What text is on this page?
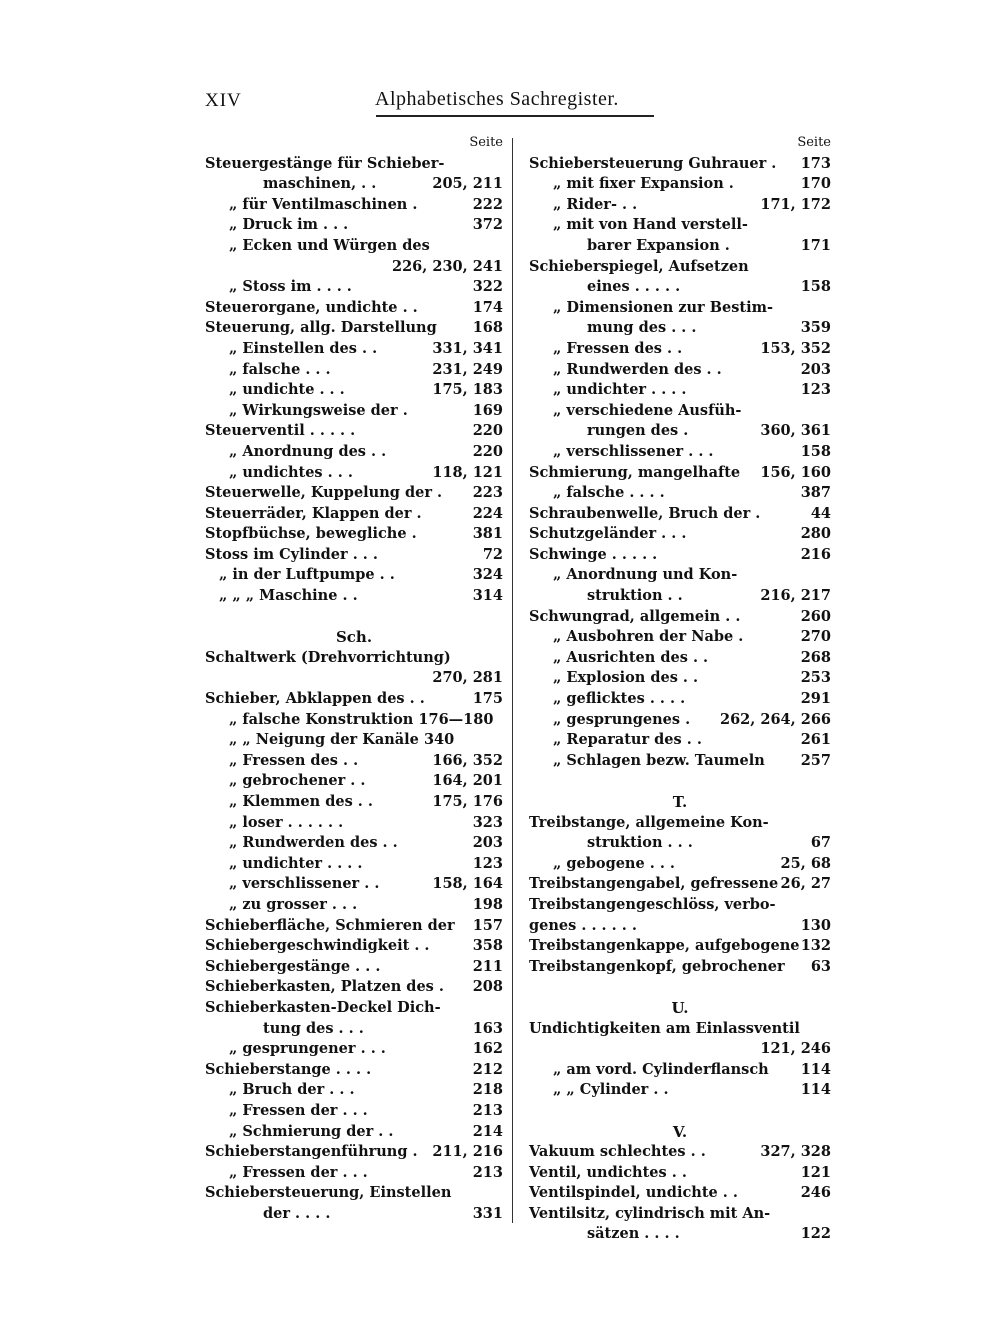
XIV	Alphabetisches Sachregister.
Seite
Steuergestänge für Schieber-
maschinen, . .	205, 211
„ für Ventilmaschinen .	222
„ Druck im . . .	372
„ Ecken und Würgen des
226, 230, 241
„ Stoss im . . . .	322
Steuerorgane, undichte . .	174
Steuerung, allg. Darstellung 168
„ Einstellen des . .	331, 341
„ falsche . . .	231, 249
„ undichte . . .	175, 183
„ Wirkungsweise der .	169
Steuerventil . . . . .	220
„ Anordnung des . .	220
„ undichtes . . .	118, 121
Steuerwelle, Kuppelung der . 223
Steuerräder, Klappen der .	224
Stopfbüchse, bewegliche .	381
Stoss im Cylinder . . .	72
„ in der Luftpumpe . .	324
„ „ „ Maschine . .	314
Sch.
Schaltwerk (Drehvorrichtung)
270, 281
Schieber, Abklappen des . .	175
„ falsche Konstruktion 176—180
„ „ Neigung der Kanäle 340
„ Fressen des . .	166, 352
„ gebrochener . .	164, 201
„ Klemmen des . .	175, 176
„ loser . . . . . .	323
„ Rundwerden des . .	203
„ undichter . . . .	123
„ verschlissener . .	158, 164
„ zu grosser . . .	198
Schieberfläche, Schmieren der 157
Schiebergeschwindigkeit . .	358
Schiebergestänge . . .	211
Schieberkasten, Platzen des . 208
Schieberkasten-Deckel Dich-
tung des . . .	163
„ gesprungener . . .	162
Schieberstange . . . .	212
„ Bruch der . . .	218
„ Fressen der . . .	213
„ Schmierung der . .	214
Schieberstangenführung . 211, 216
„ Fressen der . . .	213
Schiebersteuerung, Einstellen
der . . . .	331
Seite
Schiebersteuerung Guhrauer . 173
„ mit fixer Expansion .	170
„ Rider- . .	171, 172
„ mit von Hand verstell-
barer Expansion .	171
Schieberspiegel, Aufsetzen
eines . . . . .	158
„ Dimensionen zur Bestim-
mung des . . .	359
„ Fressen des . .	153, 352
„ Rundwerden des . .	203
„ undichter . . . .	123
„ verschiedene Ausfüh-
rungen des .	360, 361
„ verschlissener . . .	158
Schmierung, mangelhafte 156, 160
„ falsche . . . .	387
Schraubenwelle, Bruch der .	44
Schutzgeländer . . .	280
Schwinge . . . . .	216
„ Anordnung und Kon-
struktion . .	216, 217
Schwungrad, allgemein . .	260
„ Ausbohren der Nabe .	270
„ Ausrichten des . .	268
„ Explosion des . .	253
„ geflicktes . . . .	291
„ gesprungenes . 262, 264, 266
„ Reparatur des . .	261
„ Schlagen bezw. Taumeln 257
T.
Treibstange, allgemeine Kon-
struktion . . .	67
„ gebogene . . .	25, 68
Treibstangengabel, gefressene 26, 27
Treibstangengeschlöss, verbo-
genes . . . . . .	130
Treibstangenkappe, aufgebogene 132
Treibstangenkopf, gebrochener 63
U.
Undichtigkeiten am Einlassventil
121, 246
„ am vord. Cylinderflansch 114
„ „ Cylinder . .	114
V.
Vakuum schlechtes . .	327, 328
Ventil, undichtes . .	121
Ventilspindel, undichte . .	246
Ventilsitz, cylindrisch mit An-
sätzen . . . .	122
